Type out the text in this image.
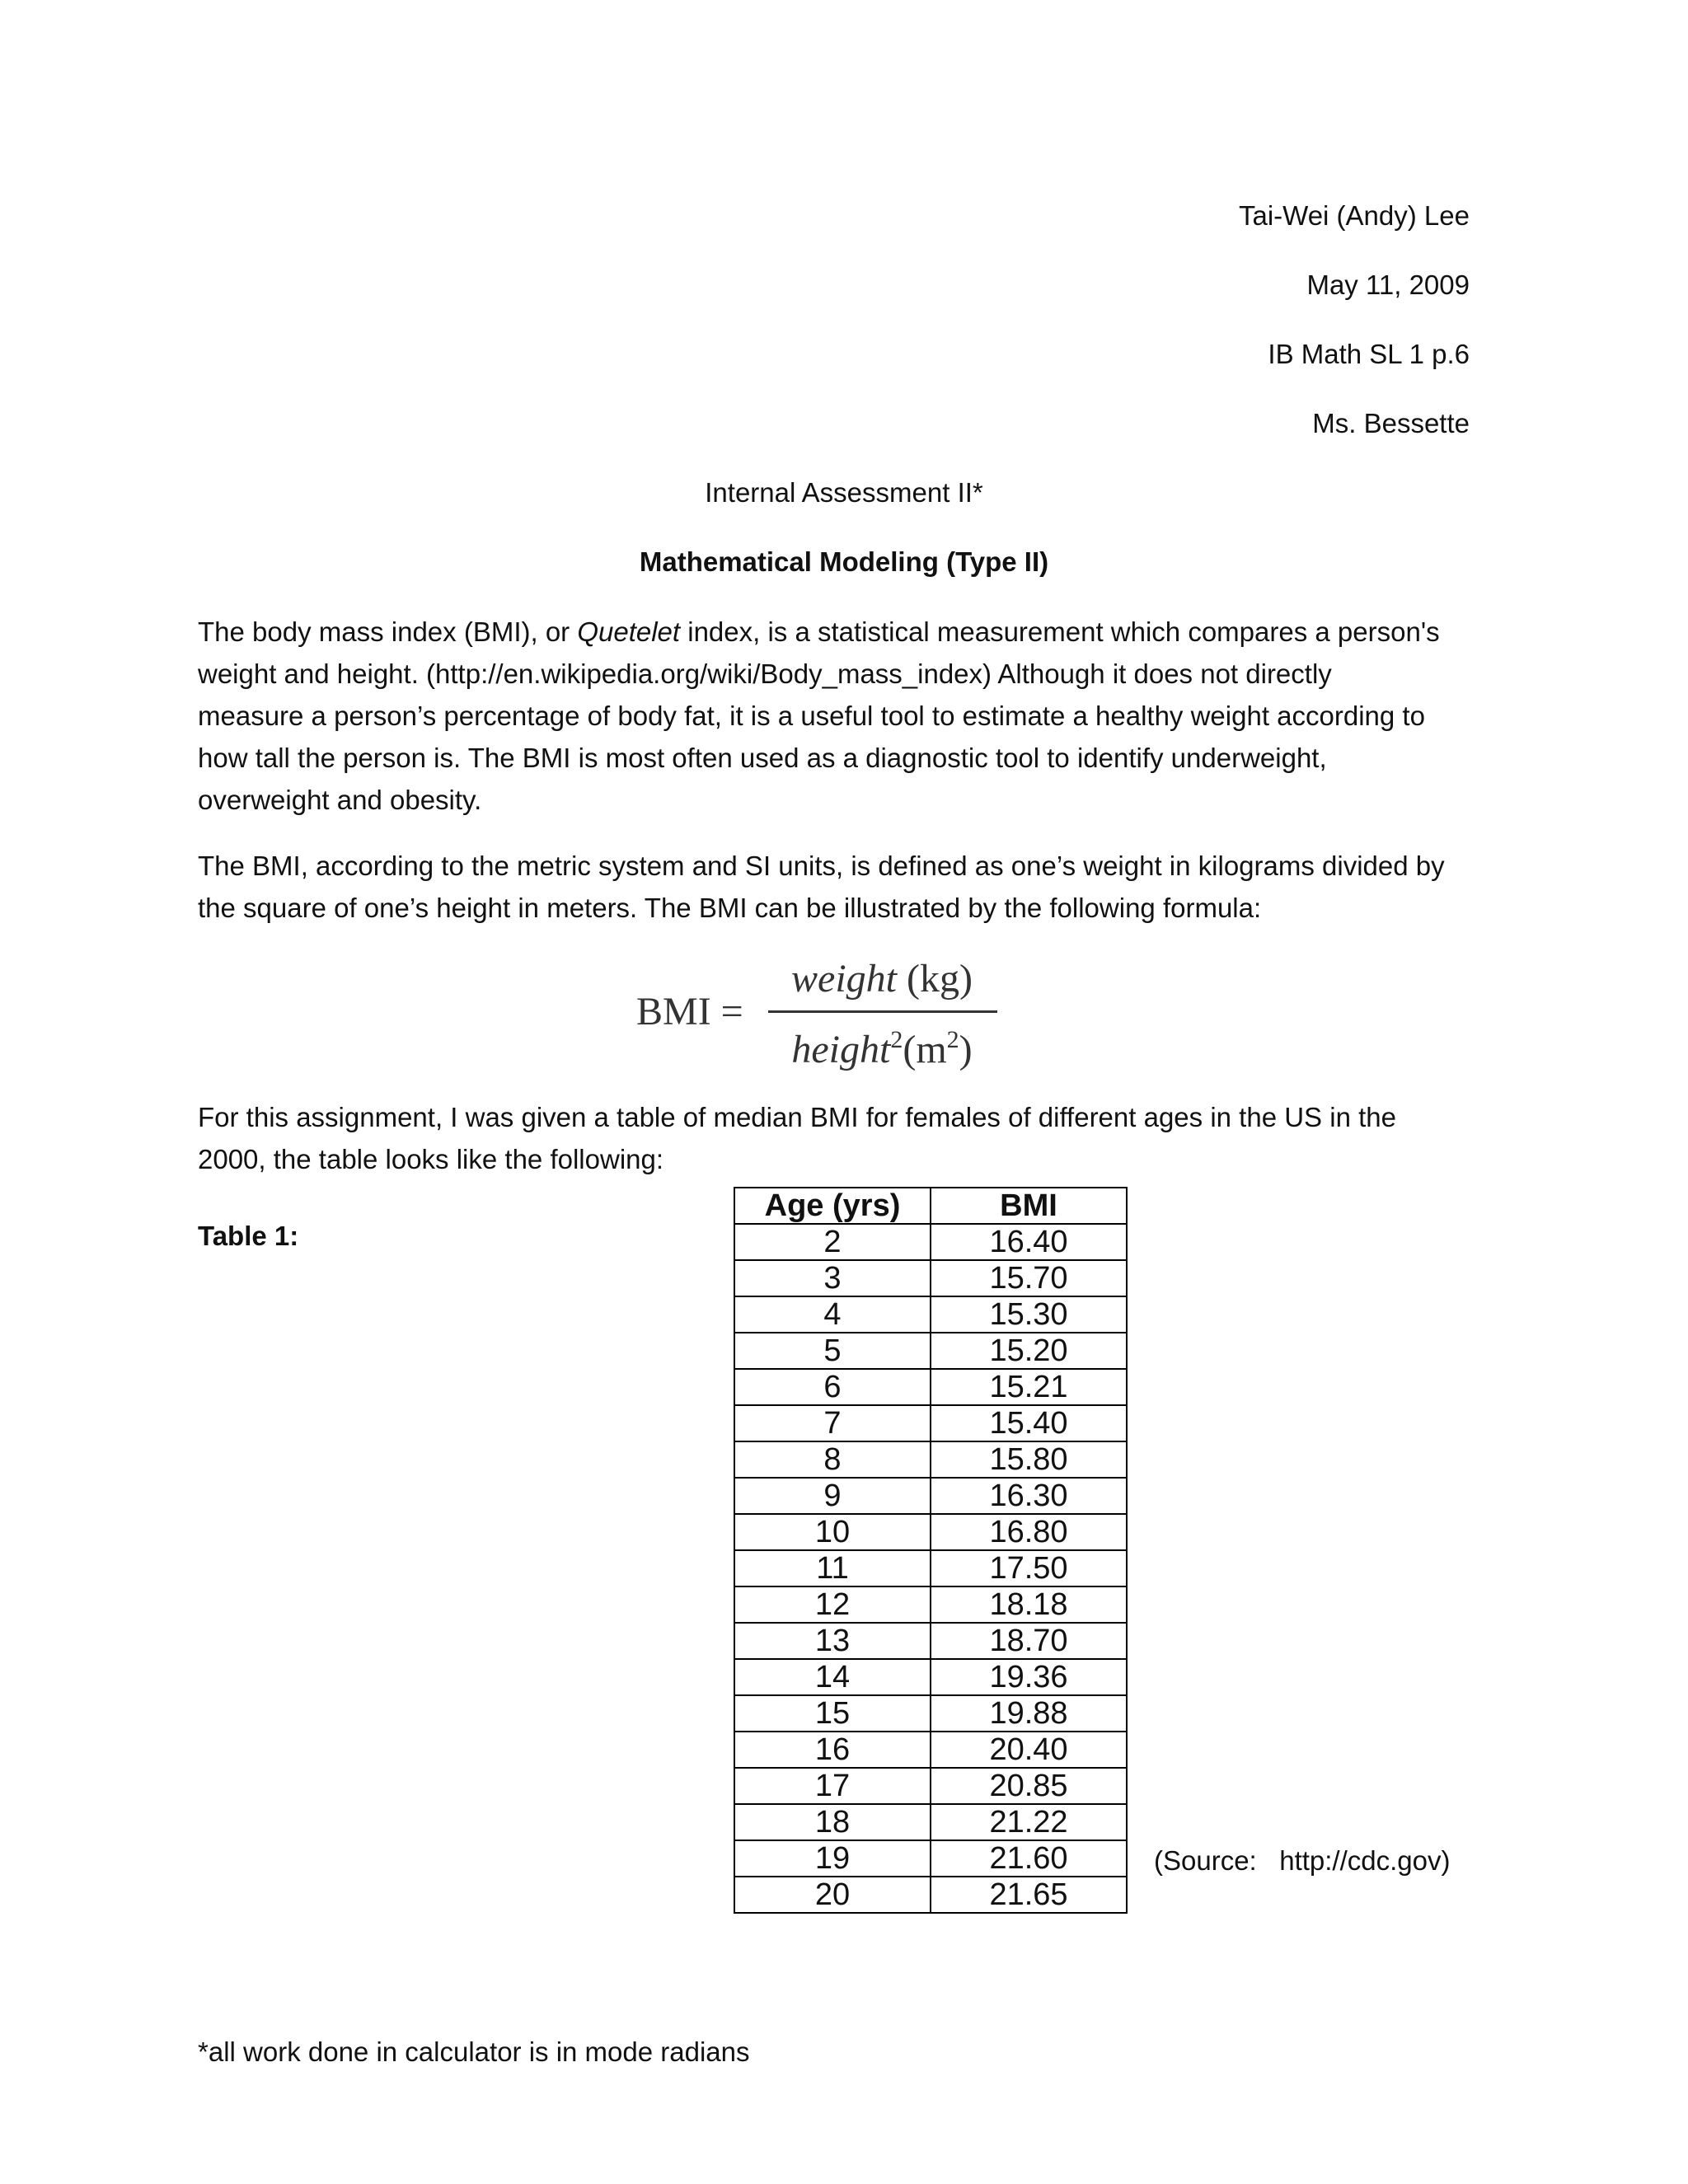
Tai-Wei (Andy) Lee
May 11, 2009
IB Math SL 1 p.6
Ms. Bessette
Internal Assessment II*
Mathematical Modeling (Type II)
The body mass index (BMI), or Quetelet index, is a statistical measurement which compares a person's
weight and height. (http://en.wikipedia.org/wiki/Body_mass_index) Although it does not directly
measure a person’s percentage of body fat, it is a useful tool to estimate a healthy weight according to
how tall the person is. The BMI is most often used as a diagnostic tool to identify underweight,
overweight and obesity.
The BMI, according to the metric system and SI units, is defined as one’s weight in kilograms divided by
the square of one’s height in meters. The BMI can be illustrated by the following formula:
BMI =
weight (kg)
$height^2(m^2)$
For this assignment, I was given a table of median BMI for females of different ages in the US in the
2000, the table looks like the following:
Table 1:
Age (yrs)	BMI
2	16.40
3	15.70
4	15.30
5	15.20
6	15.21
7	15.40
8	15.80
9	16.30
10	16.80
11	17.50
12	18.18
13	18.70
14	19.36
15	19.88
16	20.40
17	20.85
18	21.22
19	21.60
20	21.65
(Source:   http://cdc.gov)
*all work done in calculator is in mode radians
